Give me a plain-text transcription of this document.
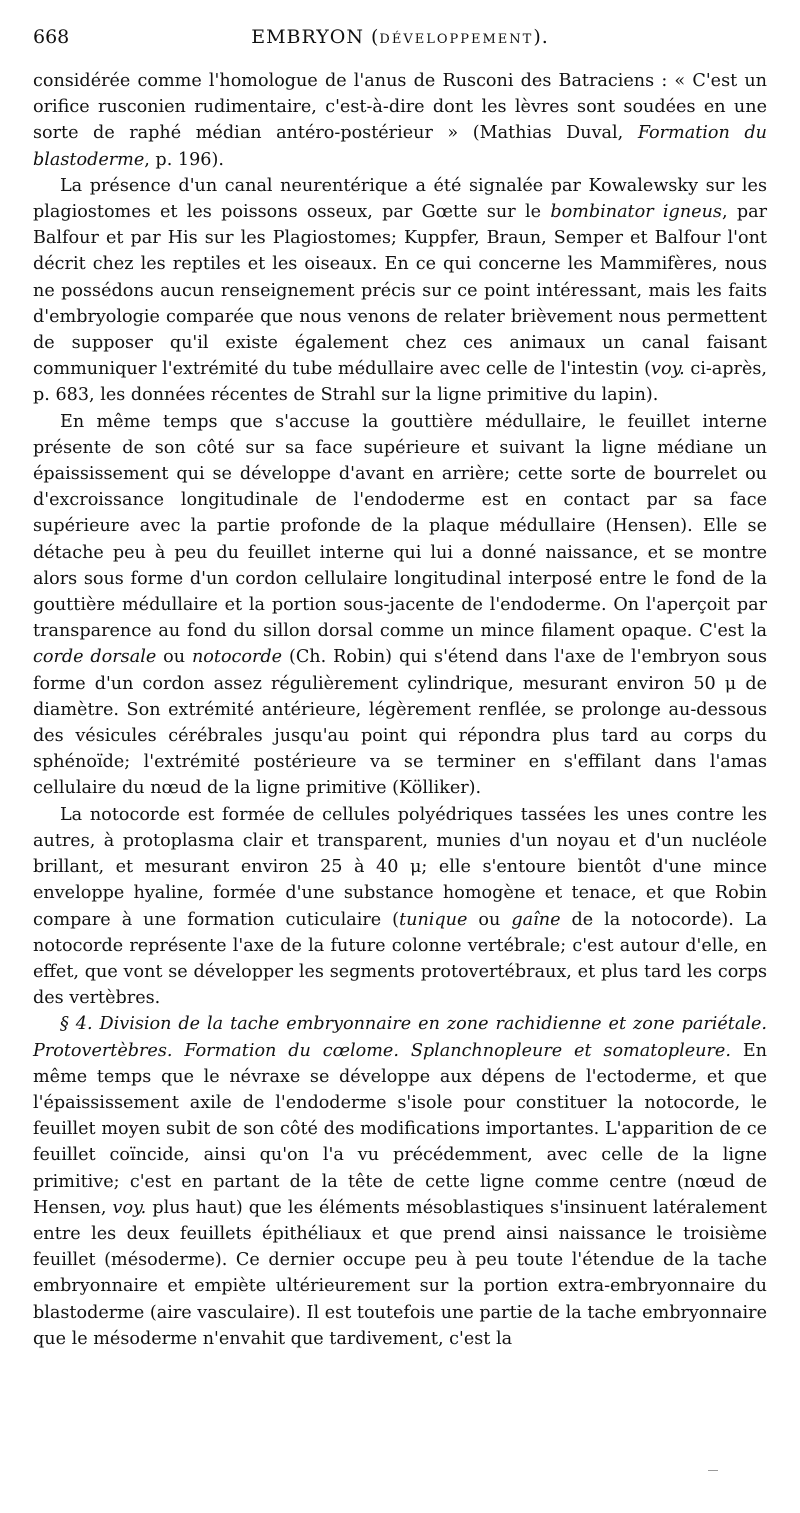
668	EMBRYON (DÉVELOPPEMENT).

considérée comme l'homologue de l'anus de Rusconi des Batraciens : « C'est un orifice rusconien rudimentaire, c'est-à-dire dont les lèvres sont soudées en une sorte de raphé médian antéro-postérieur » (Mathias Duval, Formation du blastoderme, p. 196).

La présence d'un canal neurentérique a été signalée par Kowalewsky sur les plagiostomes et les poissons osseux, par Gœtte sur le bombinator igneus, par Balfour et par His sur les Plagiostomes; Kuppfer, Braun, Semper et Balfour l'ont décrit chez les reptiles et les oiseaux. En ce qui concerne les Mammifères, nous ne possédons aucun renseignement précis sur ce point intéressant, mais les faits d'embryologie comparée que nous venons de relater brièvement nous permettent de supposer qu'il existe également chez ces animaux un canal faisant communiquer l'extrémité du tube médullaire avec celle de l'intestin (voy. ci-après, p. 683, les données récentes de Strahl sur la ligne primitive du lapin).

En même temps que s'accuse la gouttière médullaire, le feuillet interne présente de son côté sur sa face supérieure et suivant la ligne médiane un épaississement qui se développe d'avant en arrière; cette sorte de bourrelet ou d'excroissance longitudinale de l'endoderme est en contact par sa face supérieure avec la partie profonde de la plaque médullaire (Hensen). Elle se détache peu à peu du feuillet interne qui lui a donné naissance, et se montre alors sous forme d'un cordon cellulaire longitudinal interposé entre le fond de la gouttière médullaire et la portion sous-jacente de l'endoderme. On l'aperçoit par transparence au fond du sillon dorsal comme un mince filament opaque. C'est la corde dorsale ou notocorde (Ch. Robin) qui s'étend dans l'axe de l'embryon sous forme d'un cordon assez régulièrement cylindrique, mesurant environ 50 μ de diamètre. Son extrémité antérieure, légèrement renflée, se prolonge au-dessous des vésicules cérébrales jusqu'au point qui répondra plus tard au corps du sphénoïde; l'extrémité postérieure va se terminer en s'effilant dans l'amas cellulaire du nœud de la ligne primitive (Kölliker).

La notocorde est formée de cellules polyédriques tassées les unes contre les autres, à protoplasma clair et transparent, munies d'un noyau et d'un nucléole brillant, et mesurant environ 25 à 40 μ; elle s'entoure bientôt d'une mince enveloppe hyaline, formée d'une substance homogène et tenace, et que Robin compare à une formation cuticulaire (tunique ou gaîne de la notocorde). La notocorde représente l'axe de la future colonne vertébrale; c'est autour d'elle, en effet, que vont se développer les segments protovertébraux, et plus tard les corps des vertèbres.

§ 4. Division de la tache embryonnaire en zone rachidienne et zone pariétale. Protovertèbres. Formation du cœlome. Splanchnopleure et somatopleure. En même temps que le névraxe se développe aux dépens de l'ectoderme, et que l'épaississement axile de l'endoderme s'isole pour constituer la notocorde, le feuillet moyen subit de son côté des modifications importantes. L'apparition de ce feuillet coïncide, ainsi qu'on l'a vu précédemment, avec celle de la ligne primitive; c'est en partant de la tête de cette ligne comme centre (nœud de Hensen, voy. plus haut) que les éléments mésoblastiques s'insinuent latéralement entre les deux feuillets épithéliaux et que prend ainsi naissance le troisième feuillet (mésoderme). Ce dernier occupe peu à peu toute l'étendue de la tache embryonnaire et empiète ultérieurement sur la portion extra-embryonnaire du blastoderme (aire vasculaire). Il est toutefois une partie de la tache embryonnaire que le mésoderme n'envahit que tardivement, c'est la
